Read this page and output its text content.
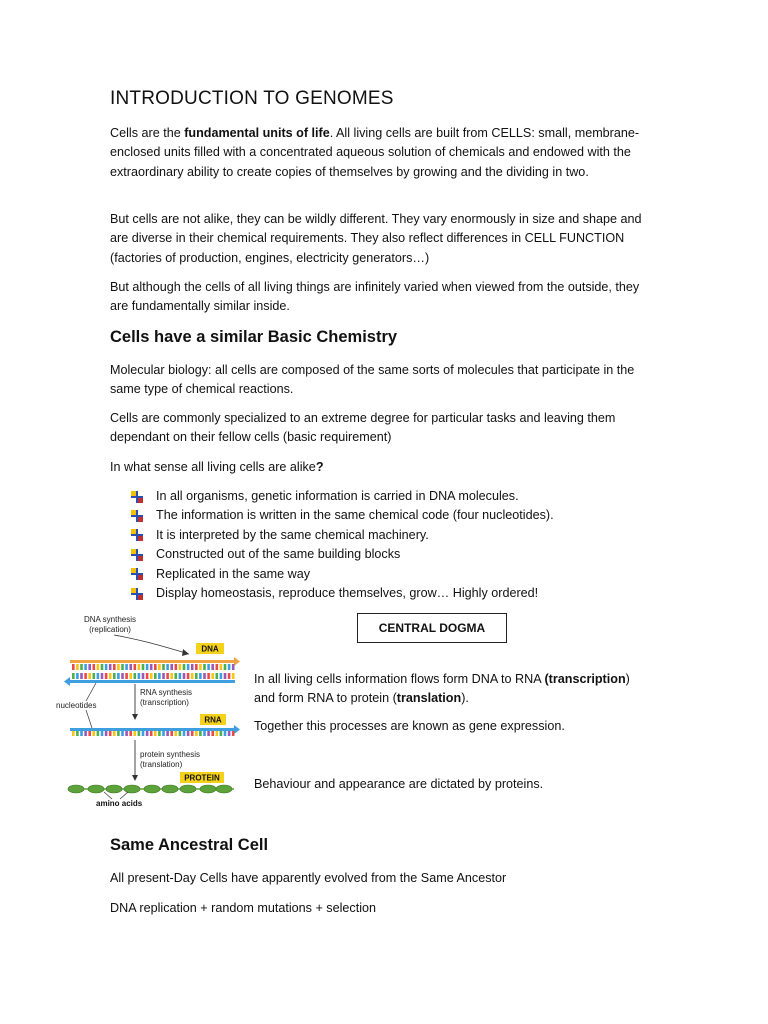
INTRODUCTION TO GENOMES

Cells are the fundamental units of life. All living cells are built from CELLS: small, membrane-enclosed units filled with a concentrated aqueous solution of chemicals and endowed with the extraordinary ability to create copies of themselves by growing and the dividing in two.

But cells are not alike, they can be wildly different. They vary enormously in size and shape and are diverse in their chemical requirements. They also reflect differences in CELL FUNCTION (factories of production, engines, electricity generators…)

But although the cells of all living things are infinitely varied when viewed from the outside, they are fundamentally similar inside.

Cells have a similar Basic Chemistry

Molecular biology: all cells are composed of the same sorts of molecules that participate in the same type of chemical reactions.

Cells are commonly specialized to an extreme degree for particular tasks and leaving them dependant on their fellow cells (basic requirement)

In what sense all living cells are alike?

In all organisms, genetic information is carried in DNA molecules.
The information is written in the same chemical code (four nucleotides).
It is interpreted by the same chemical machinery.
Constructed out of the same building blocks
Replicated in the same way
Display homeostasis, reproduce themselves, grow… Highly ordered!
CENTRAL DOGMA
DNA synthesis
(replication)
DNA
RNA synthesis
(transcription)
nucleotides
RNA
protein synthesis
(translation)
PROTEIN
amino acids

In all living cells information flows form DNA to RNA (transcription) and form RNA to protein (translation).

Together this processes are known as gene expression.

Behaviour and appearance are dictated by proteins.

Same Ancestral Cell

All present-Day Cells have apparently evolved from the Same Ancestor

DNA replication + random mutations + selection
